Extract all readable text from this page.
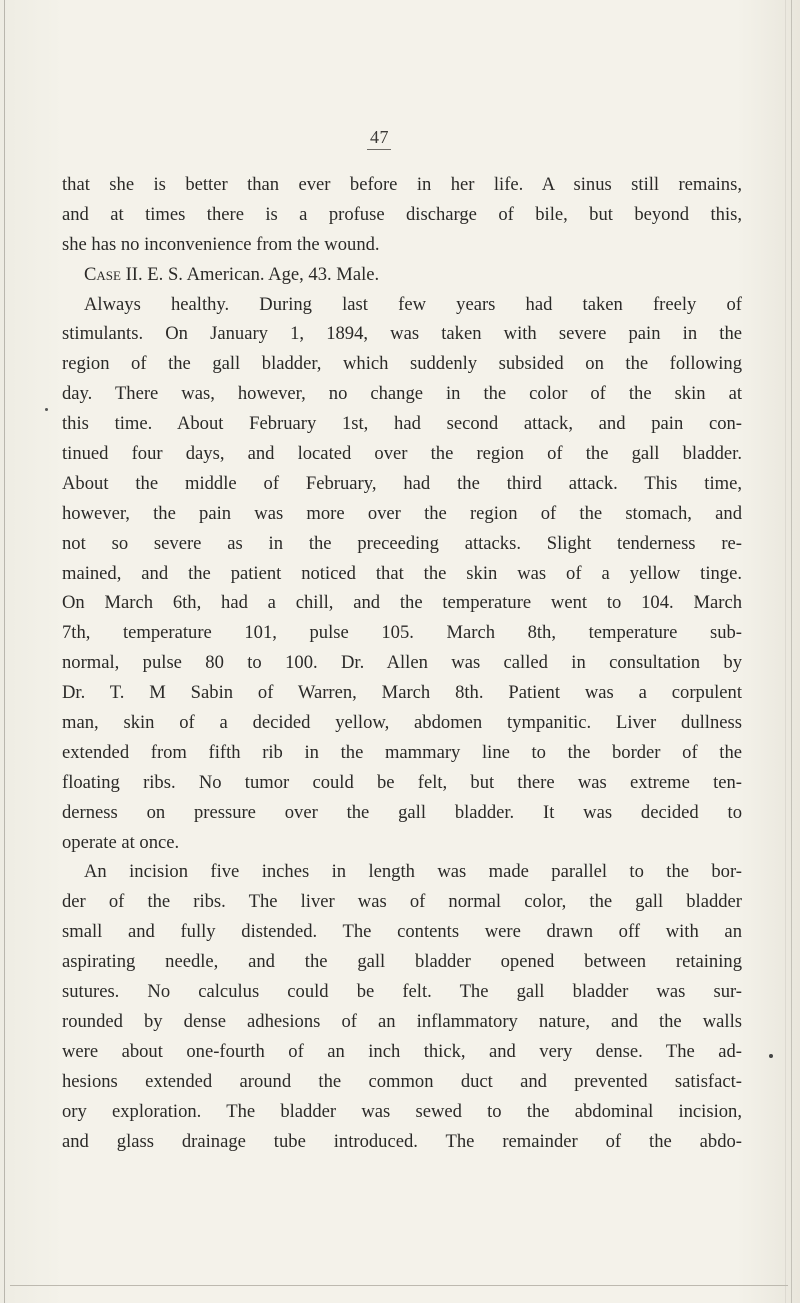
47
that she is better than ever before in her life. A sinus still remains,
and at times there is a profuse discharge of bile, but beyond this,
she has no inconvenience from the wound.
Case II. E. S. American. Age, 43. Male.
Always healthy. During last few years had taken freely of
stimulants. On January 1, 1894, was taken with severe pain in the
region of the gall bladder, which suddenly subsided on the following
day. There was, however, no change in the color of the skin at
this time. About February 1st, had second attack, and pain con-
tinued four days, and located over the region of the gall bladder.
About the middle of February, had the third attack. This time,
however, the pain was more over the region of the stomach, and
not so severe as in the preceeding attacks. Slight tenderness re-
mained, and the patient noticed that the skin was of a yellow tinge.
On March 6th, had a chill, and the temperature went to 104. March
7th, temperature 101, pulse 105. March 8th, temperature sub-
normal, pulse 80 to 100. Dr. Allen was called in consultation by
Dr. T. M Sabin of Warren, March 8th. Patient was a corpulent
man, skin of a decided yellow, abdomen tympanitic. Liver dullness
extended from fifth rib in the mammary line to the border of the
floating ribs. No tumor could be felt, but there was extreme ten-
derness on pressure over the gall bladder. It was decided to
operate at once.
An incision five inches in length was made parallel to the bor-
der of the ribs. The liver was of normal color, the gall bladder
small and fully distended. The contents were drawn off with an
aspirating needle, and the gall bladder opened between retaining
sutures. No calculus could be felt. The gall bladder was sur-
rounded by dense adhesions of an inflammatory nature, and the walls
were about one-fourth of an inch thick, and very dense. The ad-
hesions extended around the common duct and prevented satisfact-
ory exploration. The bladder was sewed to the abdominal incision,
and glass drainage tube introduced. The remainder of the abdo-
